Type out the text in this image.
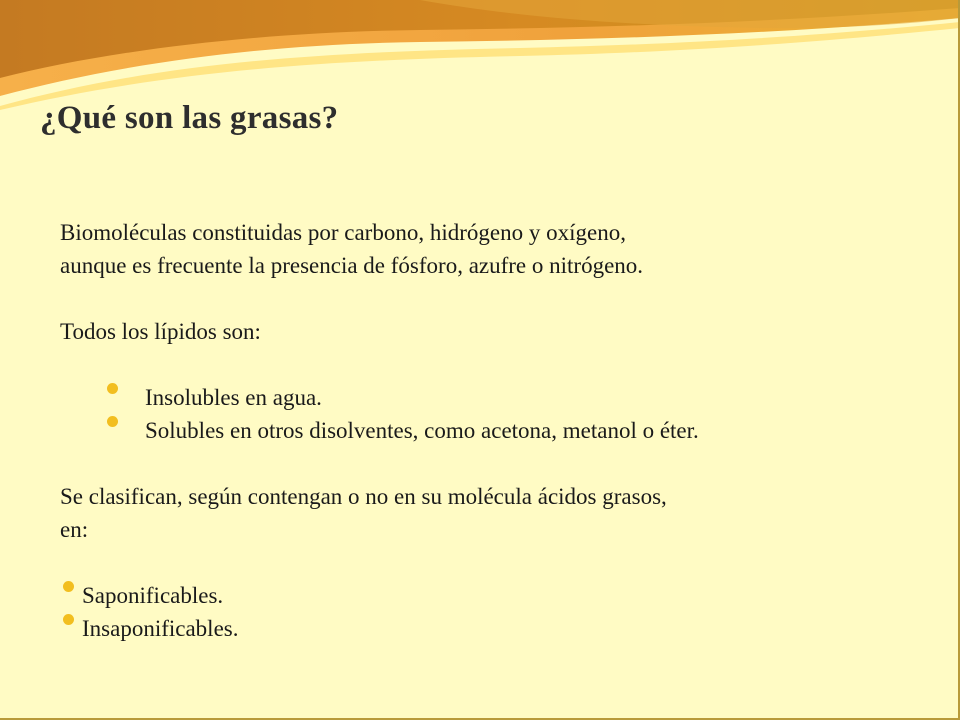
¿Qué son las grasas?

Biomoléculas constituidas por carbono, hidrógeno y oxígeno,

aunque es frecuente la presencia de fósforo, azufre o nitrógeno.

Todos los lípidos son:

Insolubles en agua.
Solubles en otros disolventes, como acetona, metanol o éter.

Se clasifican, según contengan o no en su molécula ácidos grasos,

en:

Saponificables.
Insaponificables.
